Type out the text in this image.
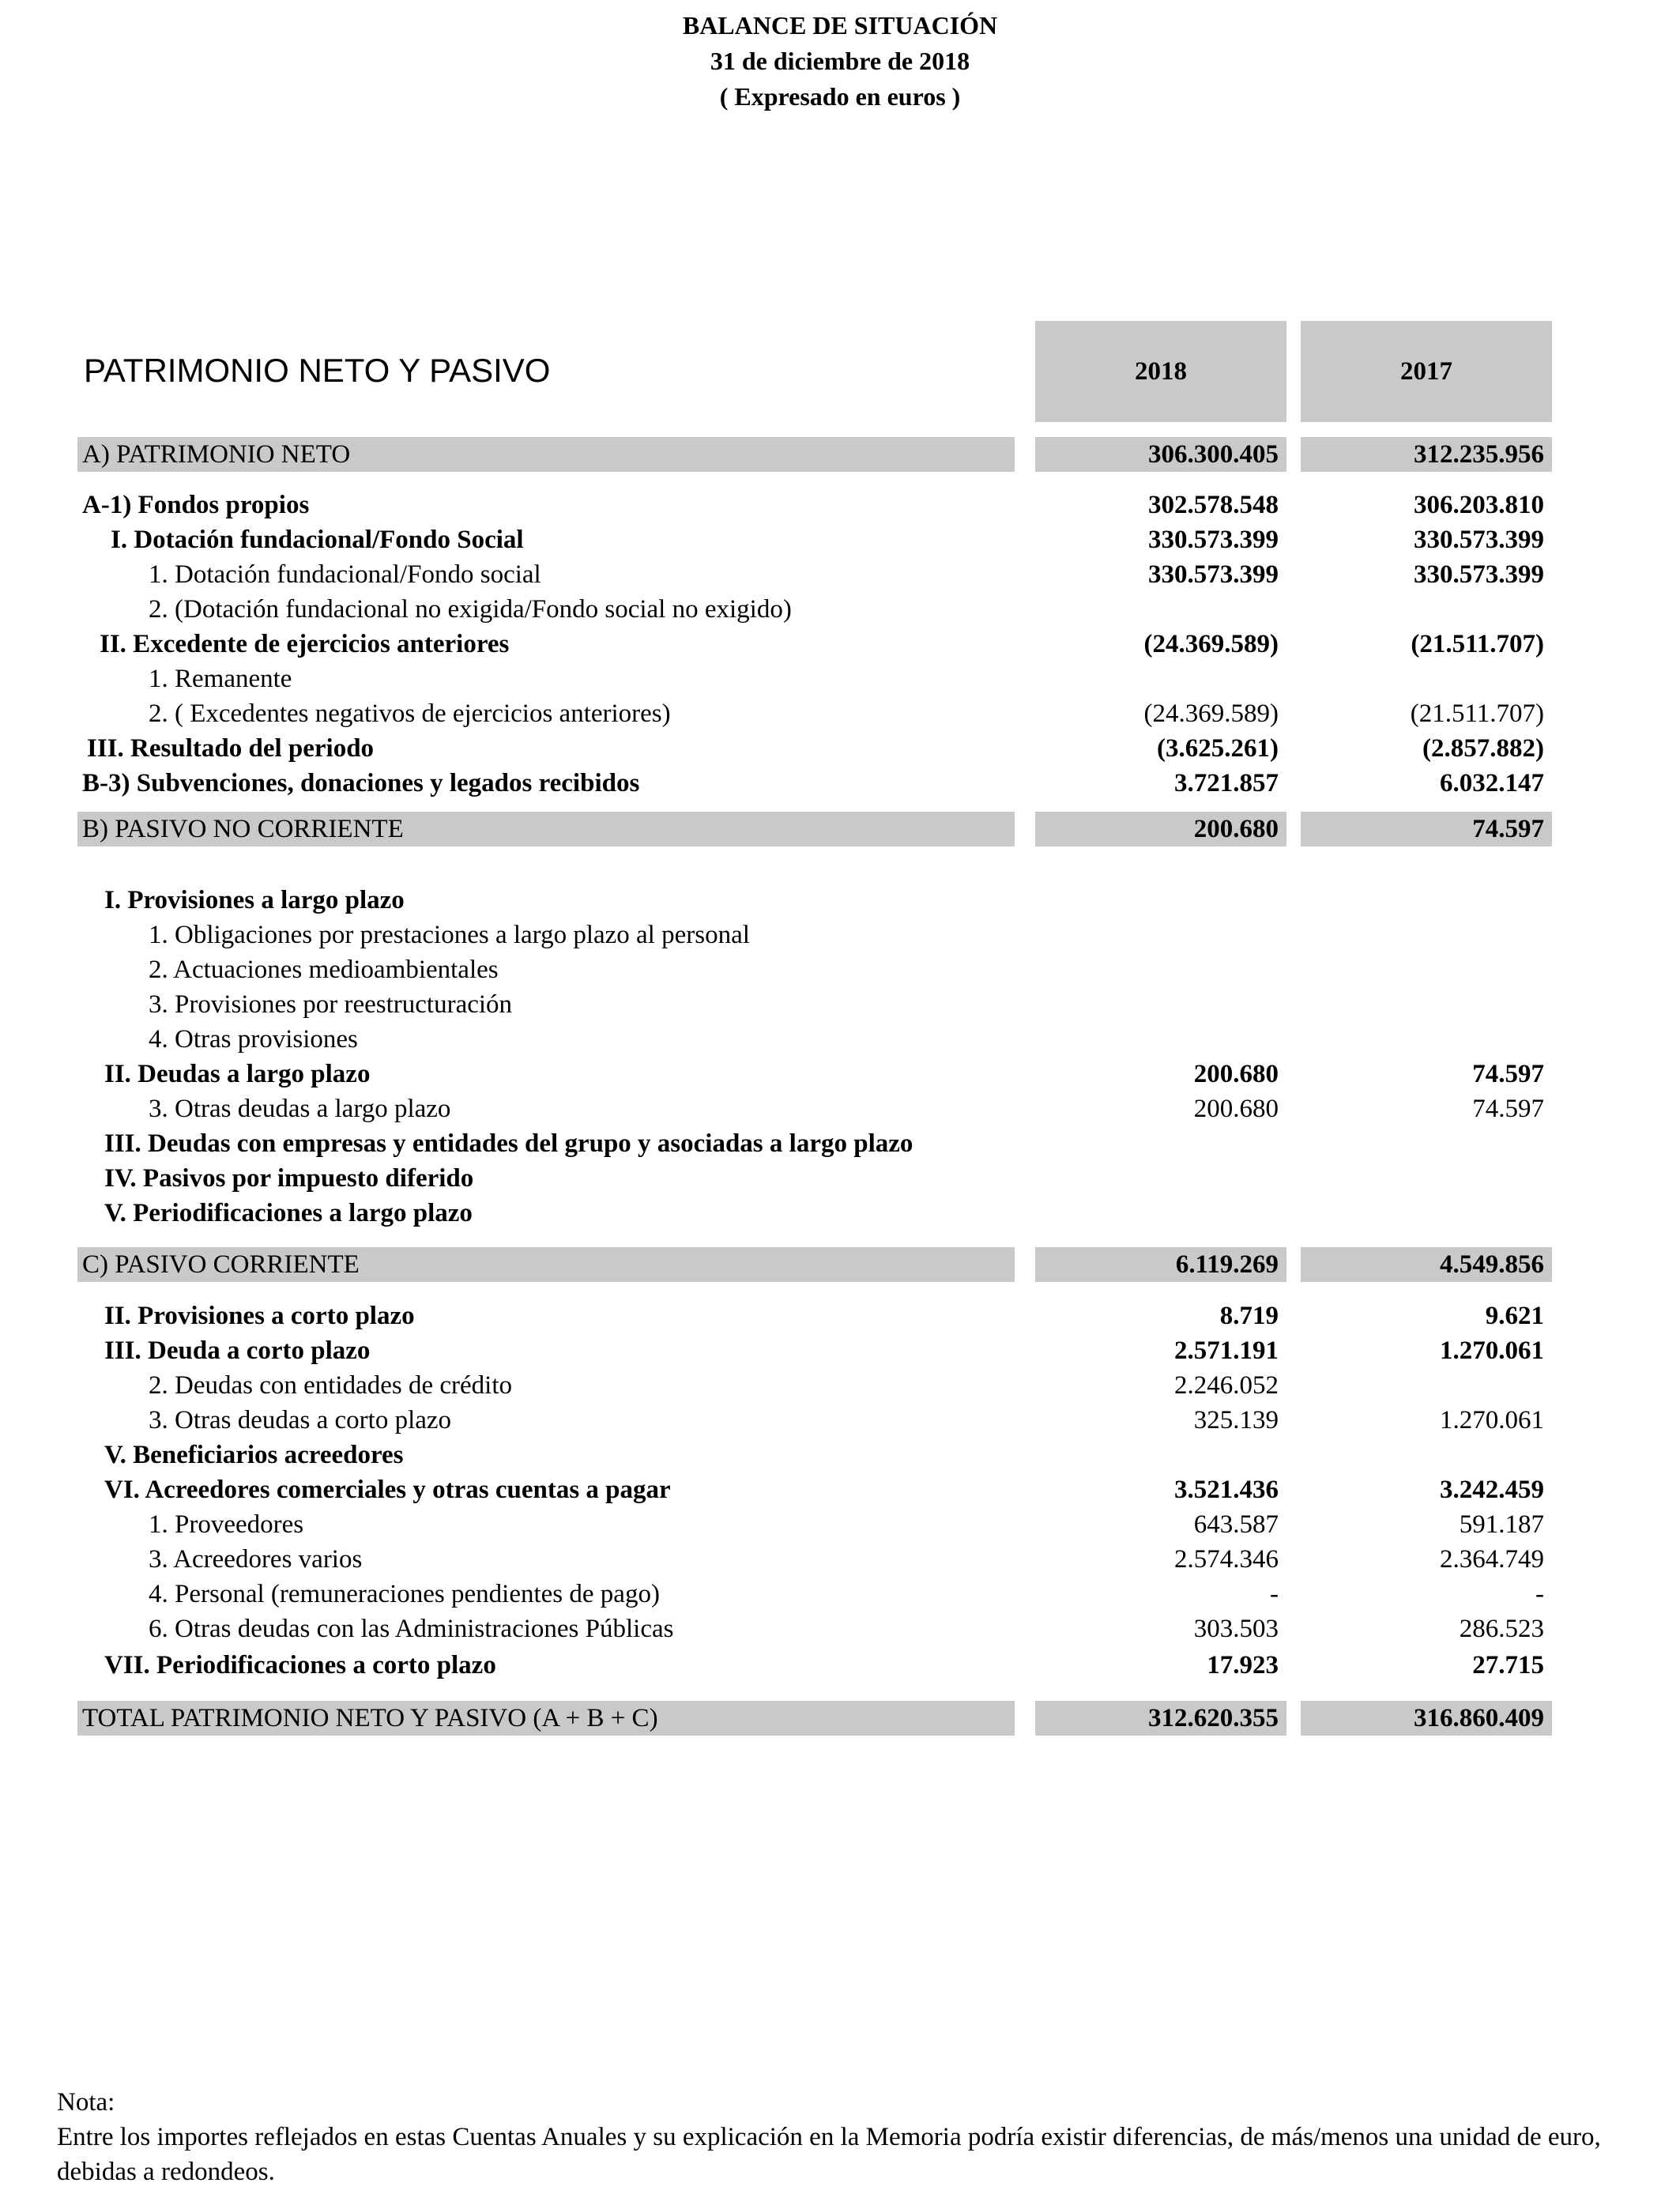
BALANCE DE SITUACIÓN
31 de diciembre de 2018
( Expresado en euros )
PATRIMONIO NETO Y PASIVO	2018	2017
A) PATRIMONIO NETO	306.300.405	312.235.956
A-1) Fondos propios	302.578.548	306.203.810
I. Dotación fundacional/Fondo Social	330.573.399	330.573.399
1. Dotación fundacional/Fondo social	330.573.399	330.573.399
2. (Dotación fundacional no exigida/Fondo social no exigido)
II. Excedente de ejercicios anteriores	(24.369.589)	(21.511.707)
1. Remanente
2. ( Excedentes negativos de ejercicios anteriores)	(24.369.589)	(21.511.707)
III. Resultado del periodo	(3.625.261)	(2.857.882)
B-3) Subvenciones, donaciones y legados recibidos	3.721.857	6.032.147
B) PASIVO NO CORRIENTE	200.680	74.597
I. Provisiones a largo plazo
1. Obligaciones por prestaciones a largo plazo al personal
2. Actuaciones medioambientales
3. Provisiones por reestructuración
4. Otras provisiones
II. Deudas a largo plazo	200.680	74.597
3. Otras deudas a largo plazo	200.680	74.597
III. Deudas con empresas y entidades del grupo y asociadas a largo plazo
IV. Pasivos por impuesto diferido
V. Periodificaciones a largo plazo
C) PASIVO CORRIENTE	6.119.269	4.549.856
II. Provisiones a corto plazo	8.719	9.621
III. Deuda a corto plazo	2.571.191	1.270.061
2. Deudas con entidades de crédito	2.246.052
3. Otras deudas a corto plazo	325.139	1.270.061
V. Beneficiarios acreedores
VI. Acreedores comerciales y otras cuentas a pagar	3.521.436	3.242.459
1. Proveedores	643.587	591.187
3. Acreedores varios	2.574.346	2.364.749
4. Personal (remuneraciones pendientes de pago)	-	-
6. Otras deudas con las Administraciones Públicas	303.503	286.523
VII. Periodificaciones a corto plazo	17.923	27.715
TOTAL PATRIMONIO NETO Y PASIVO (A + B + C)	312.620.355	316.860.409
Nota:
Entre los importes reflejados en estas Cuentas Anuales y su explicación en la Memoria podría existir diferencias, de más/menos una unidad de euro, debidas a redondeos.
